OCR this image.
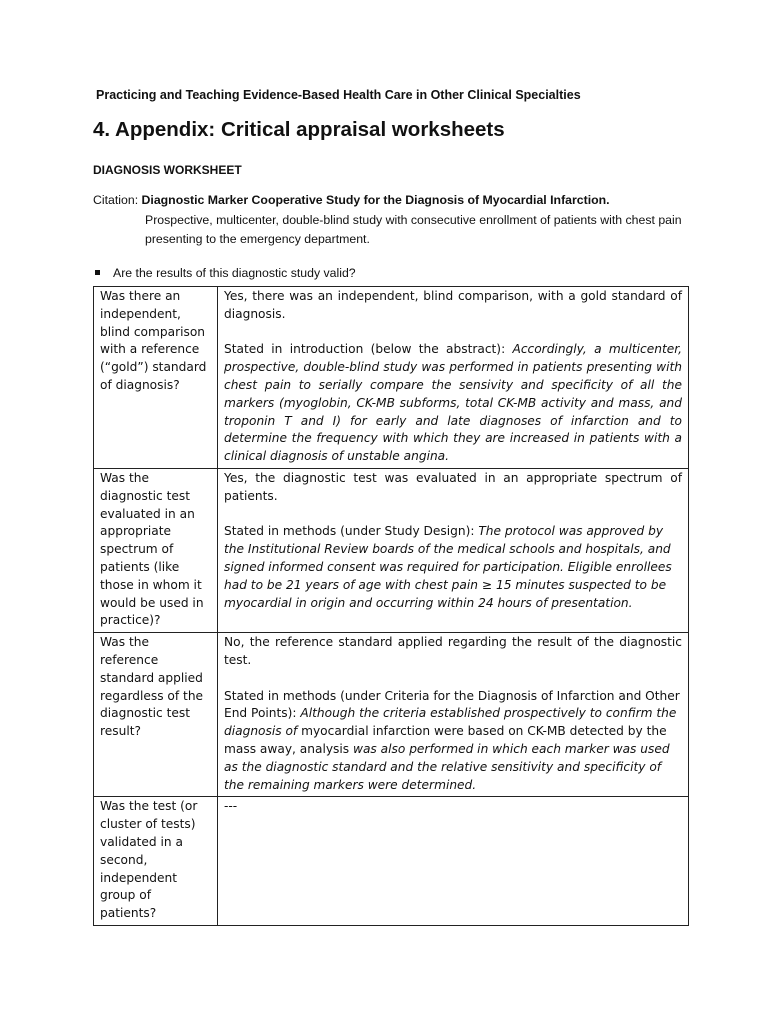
Practicing and Teaching Evidence-Based Health Care in Other Clinical Specialties
4. Appendix: Critical appraisal worksheets
DIAGNOSIS WORKSHEET
Citation: Diagnostic Marker Cooperative Study for the Diagnosis of Myocardial Infarction.
Prospective, multicenter, double-blind study with consecutive enrollment of patients with chest pain presenting to the emergency department.
Are the results of this diagnostic study valid?
Was there an independent, blind comparison with a reference (“gold”) standard of diagnosis?	Yes, there was an independent, blind comparison, with a gold standard of diagnosis.
Stated in introduction (below the abstract): Accordingly, a multicenter, prospective, double-blind study was performed in patients presenting with chest pain to serially compare the sensivity and specificity of all the markers (myoglobin, CK-MB subforms, total CK-MB activity and mass, and troponin T and I) for early and late diagnoses of infarction and to determine the frequency with which they are increased in patients with a clinical diagnosis of unstable angina.

Was the diagnostic test evaluated in an appropriate spectrum of patients (like those in whom it would be used in practice)?	Yes, the diagnostic test was evaluated in an appropriate spectrum of patients.
Stated in methods (under Study Design): The protocol was approved by the Institutional Review boards of the medical schools and hospitals, and signed informed consent was required for participation. Eligible enrollees had to be 21 years of age with chest pain ≥ 15 minutes suspected to be myocardial in origin and occurring within 24 hours of presentation.

Was the reference standard applied regardless of the diagnostic test result?	No, the reference standard applied regarding the result of the diagnostic test.
Stated in methods (under Criteria for the Diagnosis of Infarction and Other End Points): Although the criteria established prospectively to confirm the diagnosis of myocardial infarction were based on CK-MB detected by the mass away, analysis was also performed in which each marker was used as the diagnostic standard and the relative sensitivity and specificity of the remaining markers were determined.

Was the test (or cluster of tests) validated in a second, independent group of patients?	---
